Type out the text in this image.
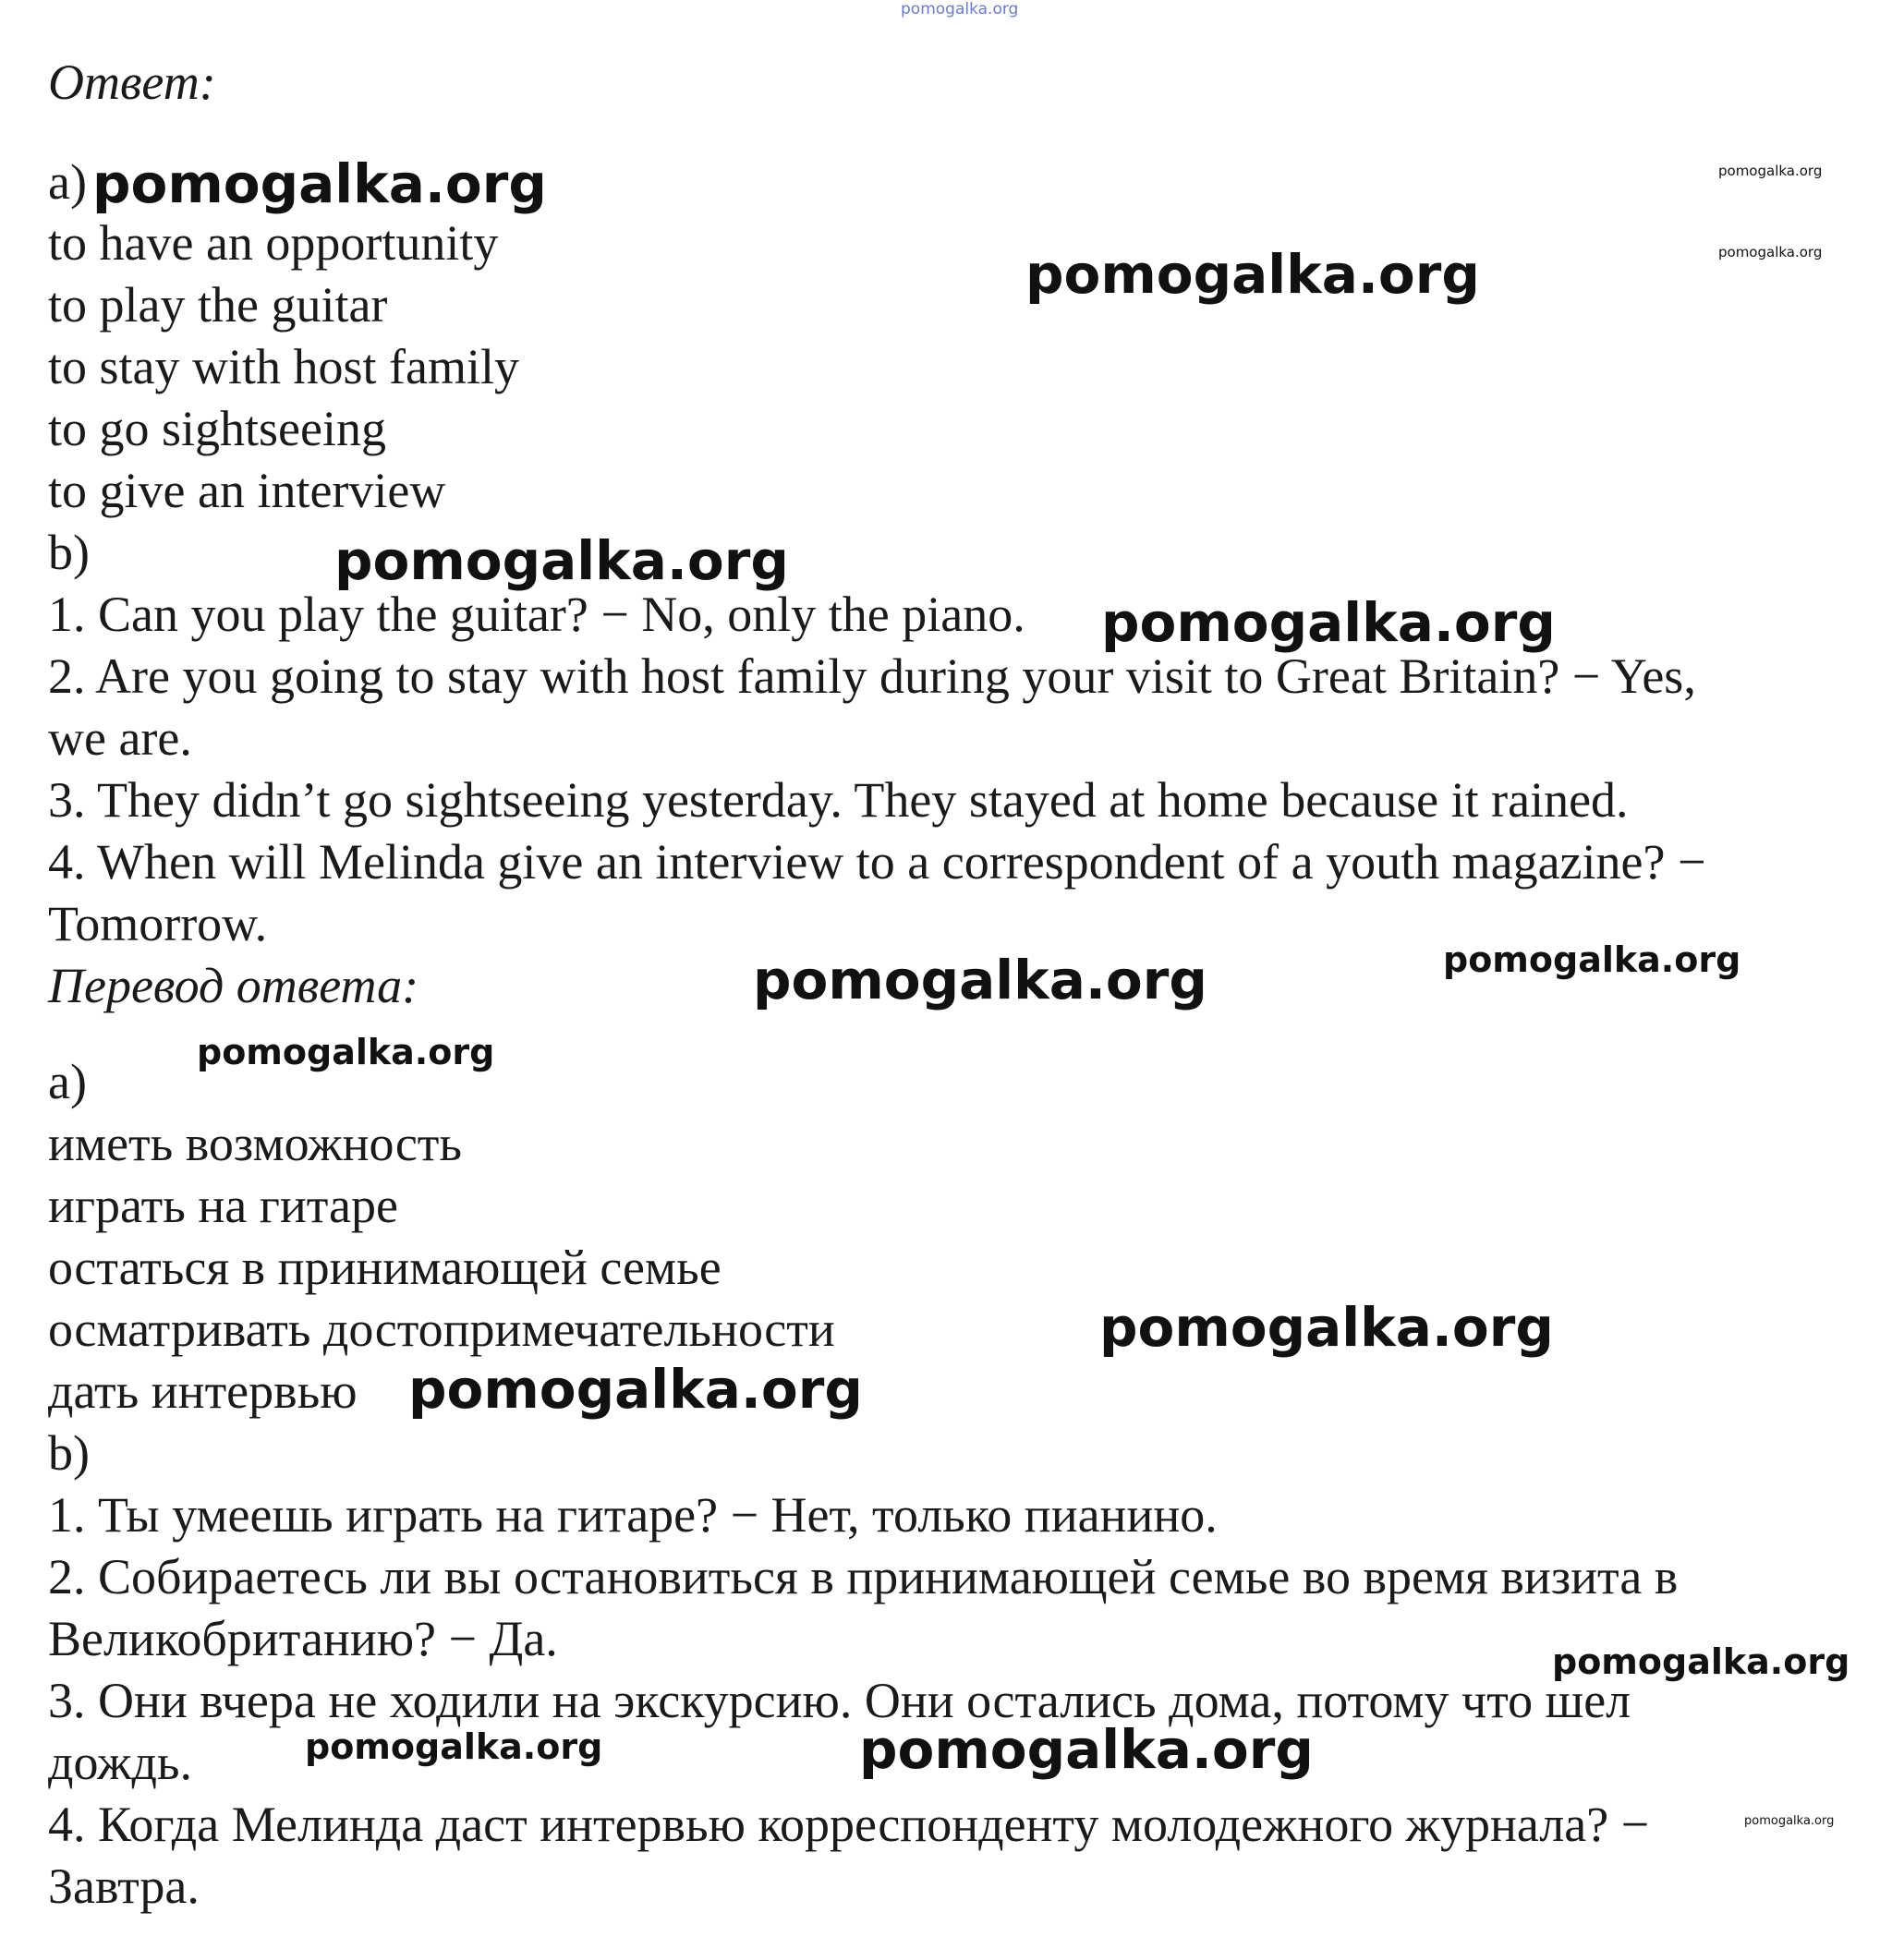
pomogalka.org

Ответ:

a)

to have an opportunity

to play the guitar

to stay with host family

to go sightseeing

to give an interview

b)

1. Can you play the guitar? − No, only the piano.

2. Are you going to stay with host family during your visit to Great Britain? − Yes,

we are.

3. They didn’t go sightseeing yesterday. They stayed at home because it rained.

4. When will Melinda give an interview to a correspondent of a youth magazine? −

Tomorrow.

Перевод ответа:

a)

иметь возможность

играть на гитаре

остаться в принимающей семье

осматривать достопримечательности

дать интервью

b)

1. Ты умеешь играть на гитаре? − Нет, только пианино.

2. Собираетесь ли вы остановиться в принимающей семье во время визита в

Великобританию? − Да.

3. Они вчера не ходили на экскурсию. Они остались дома, потому что шел

дождь.

4. Когда Мелинда даст интервью корреспонденту молодежного журнала? −

Завтра.

pomogalka.org	pomogalka.org

pomogalka.org

pomogalka.org

pomogalka.org

pomogalka.org

pomogalka.org	pomogalka.org

pomogalka.org

pomogalka.org

pomogalka.org

pomogalka.org

pomogalka.org	pomogalka.org

pomogalka.org
